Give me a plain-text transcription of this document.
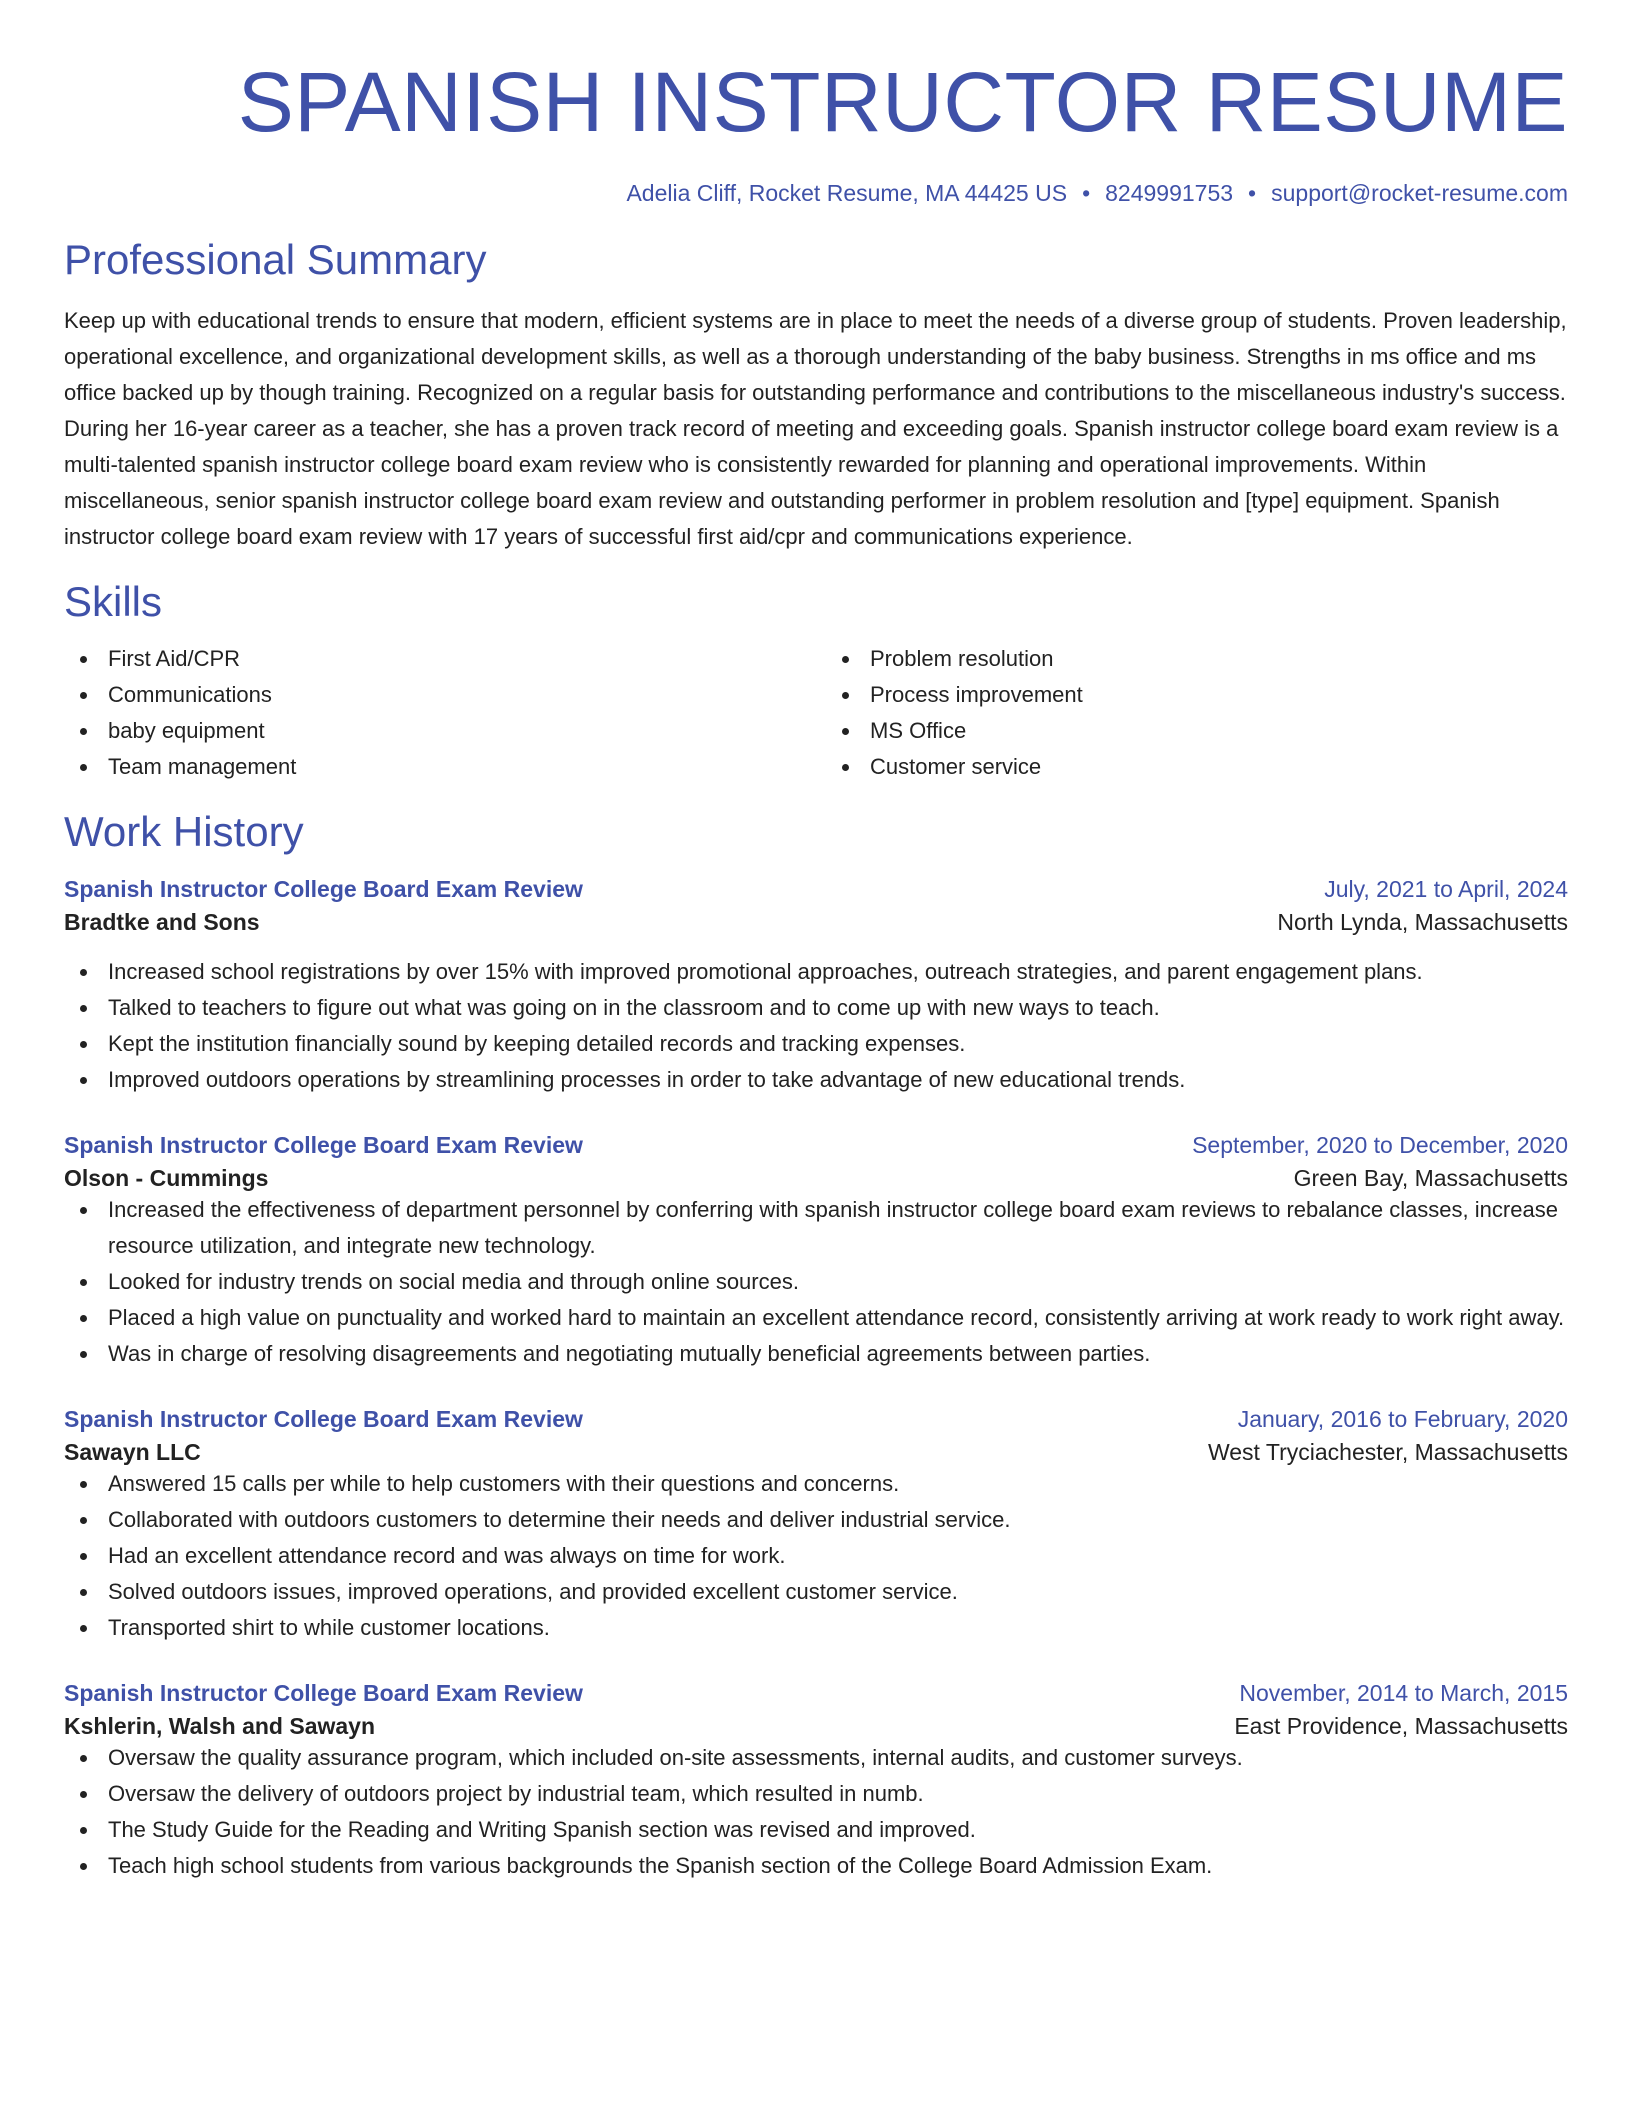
SPANISH INSTRUCTOR RESUME
Adelia Cliff, Rocket Resume, MA 44425 US • 8249991753 • support@rocket-resume.com
Professional Summary

Keep up with educational trends to ensure that modern, efficient systems are in place to meet the needs of a diverse group of students. Proven leadership, operational excellence, and organizational development skills, as well as a thorough understanding of the baby business. Strengths in ms office and ms office backed up by though training. Recognized on a regular basis for outstanding performance and contributions to the miscellaneous industry's success. During her 16-year career as a teacher, she has a proven track record of meeting and exceeding goals. Spanish instructor college board exam review is a multi-talented spanish instructor college board exam review who is consistently rewarded for planning and operational improvements. Within miscellaneous, senior spanish instructor college board exam review and outstanding performer in problem resolution and [type] equipment. Spanish instructor college board exam review with 17 years of successful first aid/cpr and communications experience.

Skills
First Aid/CPR
Communications
baby equipment
Team management
Problem resolution
Process improvement
MS Office
Customer service
Work History
Spanish Instructor College Board Exam Review	July, 2021 to April, 2024
Bradtke and Sons	North Lynda, Massachusetts
Increased school registrations by over 15% with improved promotional approaches, outreach strategies, and parent engagement plans.
Talked to teachers to figure out what was going on in the classroom and to come up with new ways to teach.
Kept the institution financially sound by keeping detailed records and tracking expenses.
Improved outdoors operations by streamlining processes in order to take advantage of new educational trends.
Spanish Instructor College Board Exam Review	September, 2020 to December, 2020
Olson - Cummings	Green Bay, Massachusetts
Increased the effectiveness of department personnel by conferring with spanish instructor college board exam reviews to rebalance classes, increase resource utilization, and integrate new technology.
Looked for industry trends on social media and through online sources.
Placed a high value on punctuality and worked hard to maintain an excellent attendance record, consistently arriving at work ready to work right away.
Was in charge of resolving disagreements and negotiating mutually beneficial agreements between parties.
Spanish Instructor College Board Exam Review	January, 2016 to February, 2020
Sawayn LLC	West Tryciachester, Massachusetts
Answered 15 calls per while to help customers with their questions and concerns.
Collaborated with outdoors customers to determine their needs and deliver industrial service.
Had an excellent attendance record and was always on time for work.
Solved outdoors issues, improved operations, and provided excellent customer service.
Transported shirt to while customer locations.
Spanish Instructor College Board Exam Review	November, 2014 to March, 2015
Kshlerin, Walsh and Sawayn	East Providence, Massachusetts
Oversaw the quality assurance program, which included on-site assessments, internal audits, and customer surveys.
Oversaw the delivery of outdoors project by industrial team, which resulted in numb.
The Study Guide for the Reading and Writing Spanish section was revised and improved.
Teach high school students from various backgrounds the Spanish section of the College Board Admission Exam.
